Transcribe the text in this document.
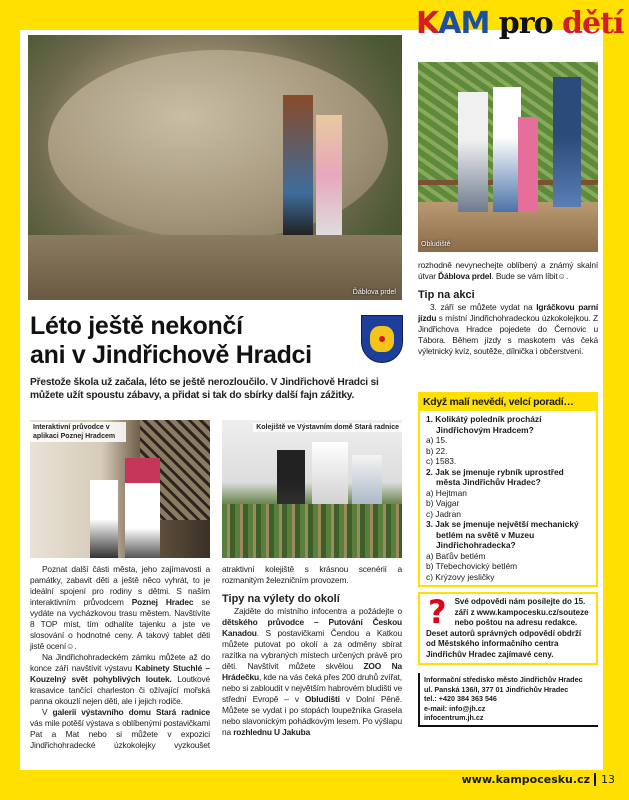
KAM pro dětí
Ďáblova prdel
Obludiště
Léto ještě nekončí
ani v Jindřichově Hradci
Přestože škola už začala, léto se ještě nerozloučilo. V Jindřichově Hradci si můžete užít spoustu zábavy, a přidat si tak do sbírky další fajn zážitky.
Interaktivní průvodce v aplikaci Poznej Hradcem
Kolejiště ve Výstavním domě Stará radnice

Poznat další části města, jeho zajímavosti a památky, zabavit děti a ještě něco vyhrát, to je ideální spojení pro rodiny s dětmi. S naším interaktivním průvodcem Poznej Hradec se vydáte na vycházkovou trasu městem. Navštívíte 8 TOP míst, tím odhalíte tajenku a jste ve slosování o hodnotné ceny. A takový tablet děti jistě ocení☺.

Na Jindřichohradeckém zámku můžete až do konce září navštívit výstavu Kabinety Stuchlé – Kouzelný svět pohyblivých loutek. Loutkové krasavice tančící charleston či ožívající mořská panna okouzlí nejen děti, ale i jejich rodiče.

V galerii výstavního domu Stará radnice vás mile potěší výstava s oblíbenými postavičkami Pat a Mat nebo si můžete v expozici Jindřichohradecké úzkokolejky vyzkoušet atraktivní kolejiště s krásnou scenérií a rozmanitým železničním provozem.

Tipy na výlety do okolí

Zajděte do místního infocentra a požádejte o dětského průvodce – Putování Českou Kanadou. S postavičkami Čendou a Katkou můžete putovat po okolí a za odměny sbírat razítka na vybraných místech určených právě pro děti. Navštívit můžete skvělou ZOO Na Hrádečku, kde na vás čeká přes 200 druhů zvířat, nebo si zabloudit v největším habrovém bludišti ve střední Evropě – v Obludišti v Dolní Pěně. Můžete se vydat i po stopách loupežníka Grasela nebo slavonickým pohádkovým lesem. Po výšlapu na rozhlednu U Jakuba

rozhodně nevynechejte oblíbený a známý skalní útvar Ďáblova prdel. Bude se vám líbit☺.

Tip na akci

3. září se můžete vydat na Igráčkovu parní jízdu s místní Jindřichohradeckou úzkokolejkou. Z Jindřichova Hradce pojedete do Černovic u Tábora. Během jízdy s maskotem vás čeká výletnický kvíz, soutěže, dílnička i občerstvení.

Když malí nevědí, velcí poradí…
1. Kolikátý poledník prochází Jindřichovým Hradcem?
a) 15.
b) 22.
c) 1583.
2. Jak se jmenuje rybník uprostřed města Jindřichův Hradec?
a) Hejtman
b) Vajgar
c) Jadran
3. Jak se jmenuje největší mechanický betlém na světě v Muzeu Jindřichohradecka?
a) Baťův betlém
b) Třebechovický betlém
c) Krýzovy jesličky
? Své odpovědi nám posílejte do 15. září z www.kampocesku.cz/souteze nebo poštou na adresu redakce. Deset autorů správných odpovědí obdrží od Městského informačního centra Jindřichův Hradec zajímavé ceny.
Informační středisko město Jindřichův Hradec
ul. Panská 136/I, 377 01 Jindřichův Hradec
tel.: +420 384 363 546
e-mail: info@jh.cz
infocentrum.jh.cz
www.kampocesku.cz 13
